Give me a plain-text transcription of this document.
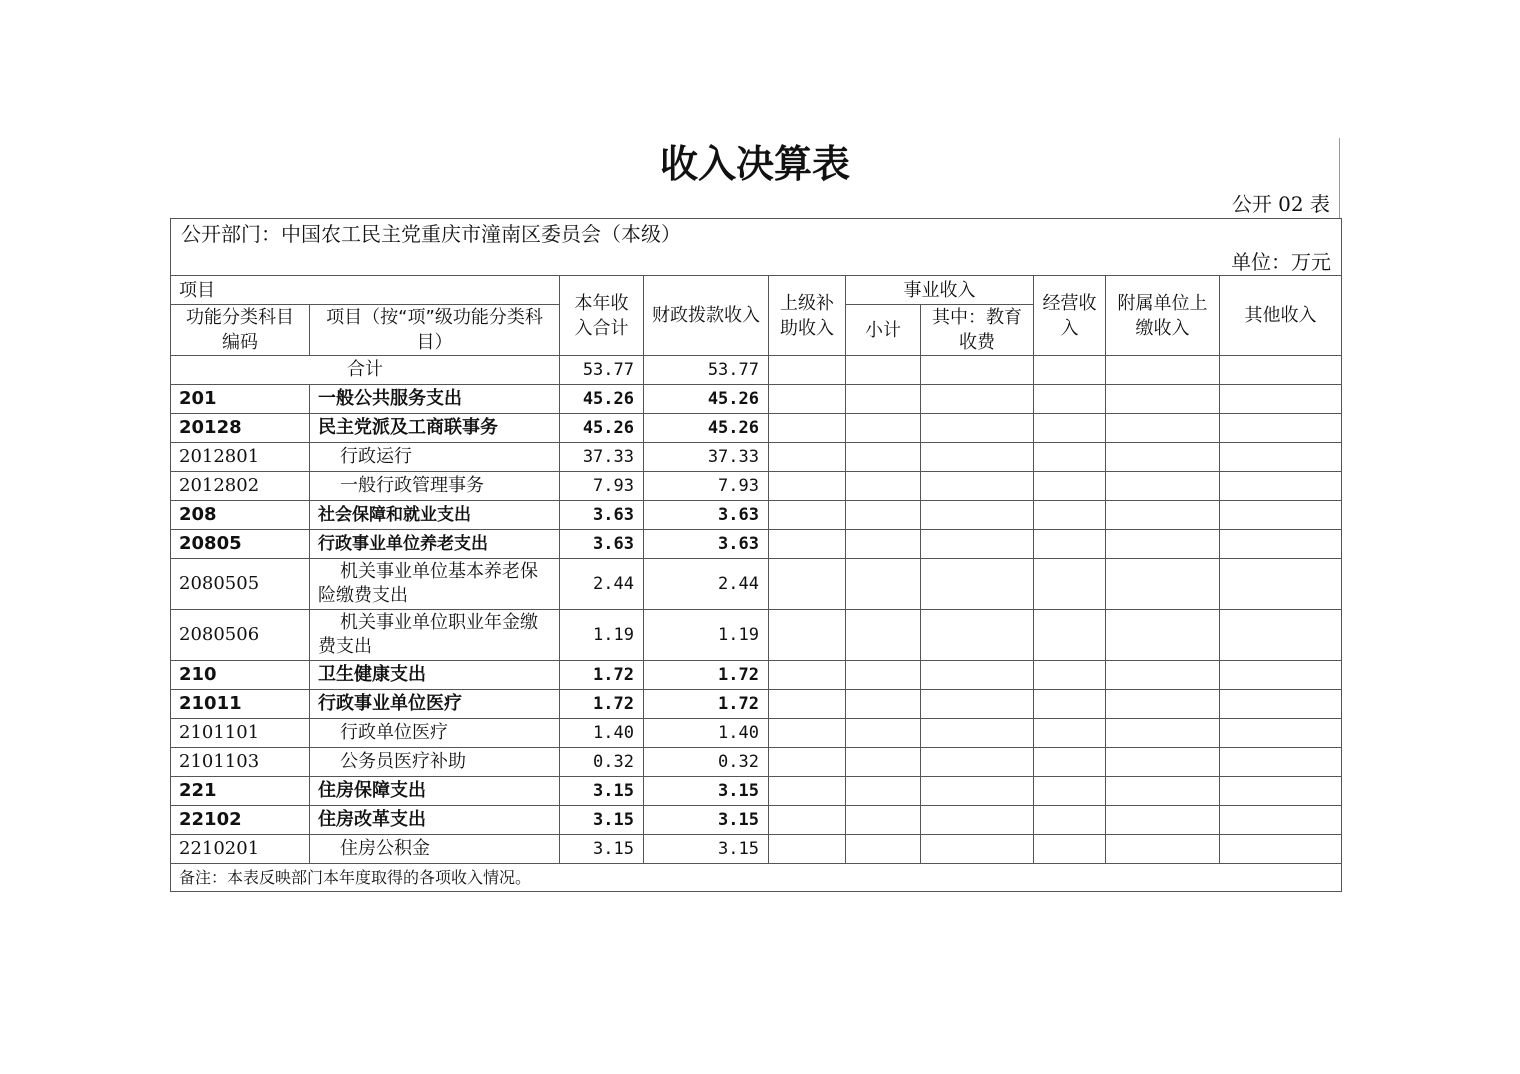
收入决算表
公开 02 表
公开部门：中国农工民主党重庆市潼南区委员会（本级）
单位：万元									

项目		本年收入合计	财政拨款收入	上级补助收入	事业收入		经营收入	附属单位上缴收入	其他收入
功能分类科目编码	项目（按“项”级功能分类科目）				小计	其中：教育收费			

合计		53.77	53.77						
201	一般公共服务支出	45.26	45.26						
20128	民主党派及工商联事务	45.26	45.26						
2012801	行政运行	37.33	37.33						
2012802	一般行政管理事务	7.93	7.93						
208	社会保障和就业支出	3.63	3.63						
20805	行政事业单位养老支出	3.63	3.63						
2080505	机关事业单位基本养老保险缴费支出	2.44	2.44						
2080506	机关事业单位职业年金缴费支出	1.19	1.19						
210	卫生健康支出	1.72	1.72						
21011	行政事业单位医疗	1.72	1.72						
2101101	行政单位医疗	1.40	1.40						
2101103	公务员医疗补助	0.32	0.32						
221	住房保障支出	3.15	3.15						
22102	住房改革支出	3.15	3.15						
2210201	住房公积金	3.15	3.15						
备注：本表反映部门本年度取得的各项收入情况。									
